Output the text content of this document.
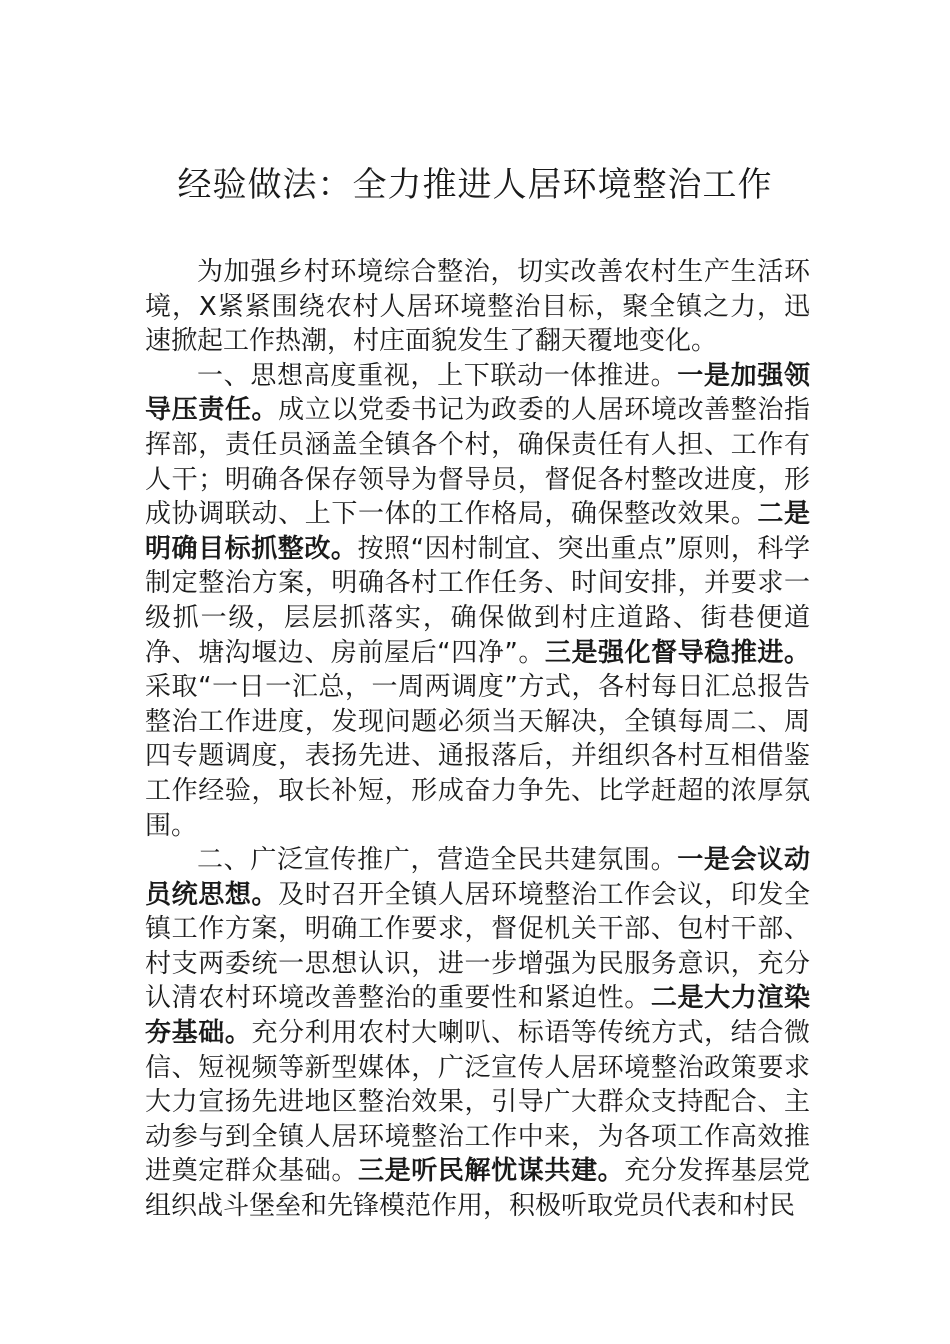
经验做法：全力推进人居环境整治工作

为加强乡村环境综合整治，切实改善农村生产生活环境，X紧紧围绕农村人居环境整治目标，聚全镇之力，迅速掀起工作热潮，村庄面貌发生了翻天覆地变化。

一、思想高度重视，上下联动一体推进。一是加强领导压责任。成立以党委书记为政委的人居环境改善整治指挥部，责任员涵盖全镇各个村，确保责任有人担、工作有人干；明确各保存领导为督导员，督促各村整改进度，形成协调联动、上下一体的工作格局，确保整改效果。二是明确目标抓整改。按照“因村制宜、突出重点”原则，科学制定整治方案，明确各村工作任务、时间安排，并要求一级抓一级，层层抓落实，确保做到村庄道路、街巷便道净、塘沟堰边、房前屋后“四净”。三是强化督导稳推进。采取“一日一汇总，一周两调度”方式，各村每日汇总报告整治工作进度，发现问题必须当天解决，全镇每周二、周四专题调度，表扬先进、通报落后，并组织各村互相借鉴工作经验，取长补短，形成奋力争先、比学赶超的浓厚氛围。

二、广泛宣传推广，营造全民共建氛围。一是会议动员统思想。及时召开全镇人居环境整治工作会议，印发全镇工作方案，明确工作要求，督促机关干部、包村干部、村支两委统一思想认识，进一步增强为民服务意识，充分认清农村环境改善整治的重要性和紧迫性。二是大力渲染夯基础。充分利用农村大喇叭、标语等传统方式，结合微信、短视频等新型媒体，广泛宣传人居环境整治政策要求大力宣扬先进地区整治效果，引导广大群众支持配合、主动参与到全镇人居环境整治工作中来，为各项工作高效推进奠定群众基础。三是听民解忧谋共建。充分发挥基层党组织战斗堡垒和先锋模范作用，积极听取党员代表和村民
